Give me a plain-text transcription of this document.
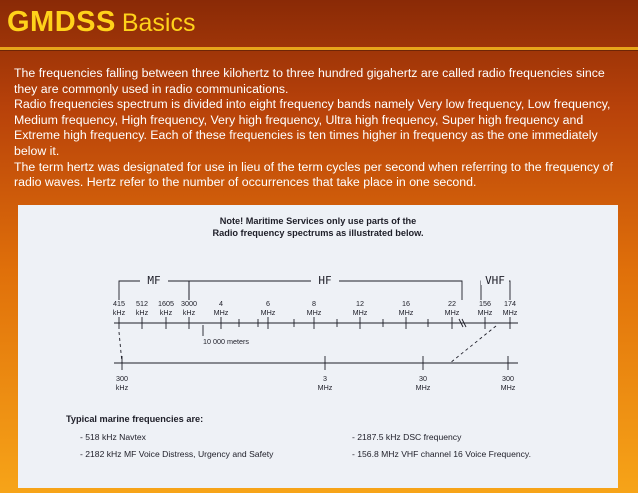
GMDSS Basics

The frequencies falling between three kilohertz to three hundred gigahertz are called radio frequencies since they are commonly used in radio communications.

Radio frequencies spectrum is divided into eight frequency bands namely Very low frequency, Low frequency, Medium frequency, High frequency, Very high frequency, Ultra high frequency, Super high frequency and Extreme high frequency. Each of these frequencies is ten times higher in frequency as the one immediately below it.

The term hertz was designated for use in lieu of the term cycles per second when referring to the frequency of radio waves. Hertz refer to the number of occurrences that take place in one second.

Note! Maritime Services only use parts of the
Radio frequency spectrums as illustrated below.
415
kHz
512
kHz
1605
kHz
3000
kHz
4
MHz
6
MHz
8
MHz
12
MHz
16
MHz
22
MHz
156
MHz
174
MHz
300
kHz
3
MHz
30
MHz
300
MHz
MF	HF	VHF
10 000 meters
Typical marine frequencies are:
- 518 kHz Navtex	- 2187.5 kHz DSC frequency
- 2182 kHz MF Voice Distress, Urgency and Safety	- 156.8 MHz VHF channel 16 Voice Frequency.
